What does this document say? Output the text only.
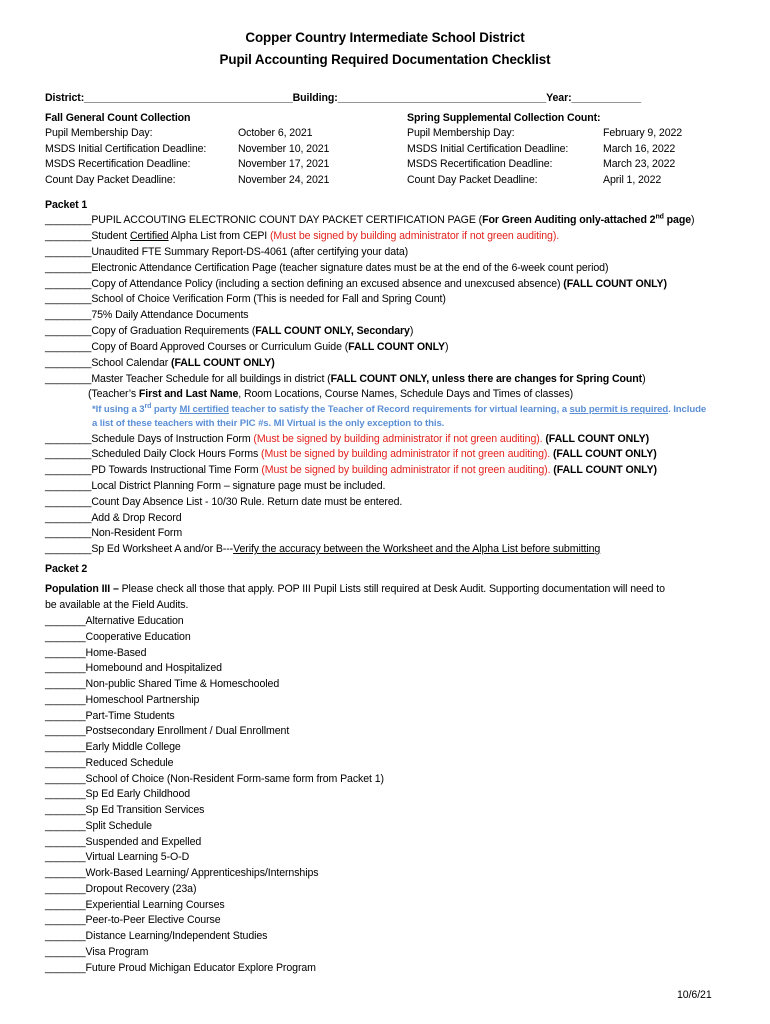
Copper Country Intermediate School District
Pupil Accounting Required Documentation Checklist
District:____________________________________Building:____________________________________Year:____________
Fall General Count Collection
Pupil Membership Day:
MSDS Initial Certification Deadline:
MSDS Recertification Deadline:
Count Day Packet Deadline:
October 6, 2021
November 10, 2021
November 17, 2021
November 24, 2021
Spring Supplemental Collection Count:
Pupil Membership Day:
MSDS Initial Certification Deadline:
MSDS Recertification Deadline:
Count Day Packet Deadline:
February 9, 2022
March 16, 2022
March 23, 2022
April 1, 2022
Packet 1
________PUPIL ACCOUTING ELECTRONIC COUNT DAY PACKET CERTIFICATION PAGE (For Green Auditing only-attached 2nd page)
________Student Certified Alpha List from CEPI (Must be signed by building administrator if not green auditing).
________Unaudited FTE Summary Report-DS-4061 (after certifying your data)
________Electronic Attendance Certification Page (teacher signature dates must be at the end of the 6-week count period)
________Copy of Attendance Policy (including a section defining an excused absence and unexcused absence) (FALL COUNT ONLY)
________School of Choice Verification Form (This is needed for Fall and Spring Count)
________75% Daily Attendance Documents
________Copy of Graduation Requirements (FALL COUNT ONLY, Secondary)
________Copy of Board Approved Courses or Curriculum Guide (FALL COUNT ONLY)
________School Calendar (FALL COUNT ONLY)
________Master Teacher Schedule for all buildings in district (FALL COUNT ONLY, unless there are changes for Spring Count)
(Teacher’s First and Last Name, Room Locations, Course Names, Schedule Days and Times of classes)
*If using a 3rd party MI certified teacher to satisfy the Teacher of Record requirements for virtual learning, a sub permit is required. Include
a list of these teachers with their PIC #s. MI Virtual is the only exception to this.
________Schedule Days of Instruction Form (Must be signed by building administrator if not green auditing). (FALL COUNT ONLY)
________Scheduled Daily Clock Hours Forms (Must be signed by building administrator if not green auditing). (FALL COUNT ONLY)
________PD Towards Instructional Time Form (Must be signed by building administrator if not green auditing). (FALL COUNT ONLY)
________Local District Planning Form – signature page must be included.
________Count Day Absence List - 10/30 Rule. Return date must be entered.
________Add & Drop Record
________Non-Resident Form
________Sp Ed Worksheet A and/or B---Verify the accuracy between the Worksheet and the Alpha List before submitting
Packet 2
Population III – Please check all those that apply. POP III Pupil Lists still required at Desk Audit. Supporting documentation will need to
be available at the Field Audits.
_______Alternative Education
_______Cooperative Education
_______Home-Based
_______Homebound and Hospitalized
_______Non-public Shared Time & Homeschooled
_______Homeschool Partnership
_______Part-Time Students
_______Postsecondary Enrollment / Dual Enrollment
_______Early Middle College
_______Reduced Schedule
_______School of Choice (Non-Resident Form-same form from Packet 1)
_______Sp Ed Early Childhood
_______Sp Ed Transition Services
_______Split Schedule
_______Suspended and Expelled
_______Virtual Learning 5-O-D
_______Work-Based Learning/ Apprenticeships/Internships
_______Dropout Recovery (23a)
_______Experiential Learning Courses
_______Peer-to-Peer Elective Course
_______Distance Learning/Independent Studies
_______Visa Program
_______Future Proud Michigan Educator Explore Program
10/6/21
